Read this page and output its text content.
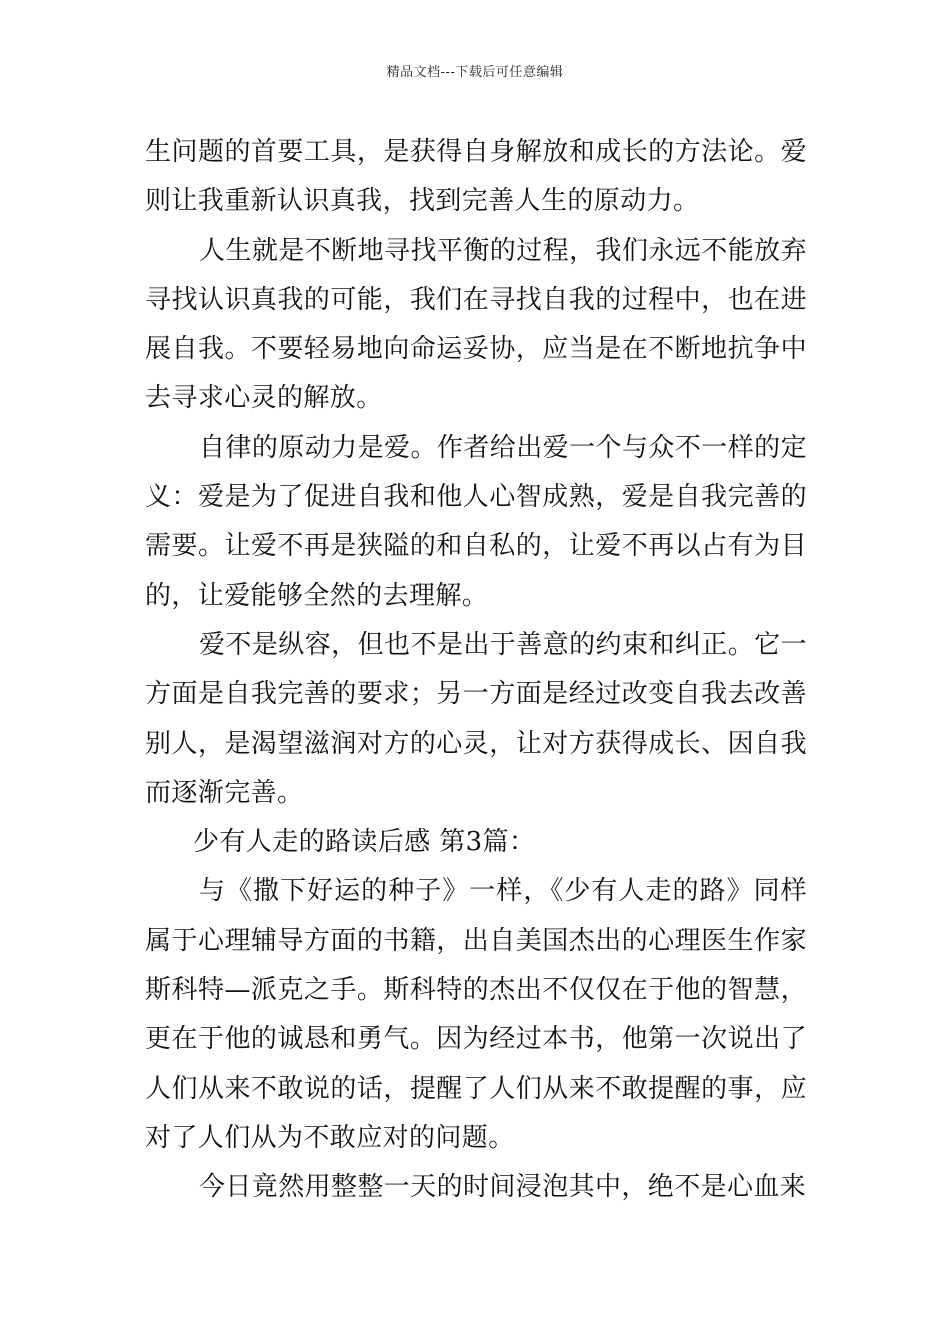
精品文档---下载后可任意编辑

生问题的首要工具，是获得自身解放和成长的方法论。爱则让我重新认识真我，找到完善人生的原动力。

人生就是不断地寻找平衡的过程，我们永远不能放弃寻找认识真我的可能，我们在寻找自我的过程中，也在进展自我。不要轻易地向命运妥协，应当是在不断地抗争中去寻求心灵的解放。

自律的原动力是爱。作者给出爱一个与众不一样的定义：爱是为了促进自我和他人心智成熟，爱是自我完善的需要。让爱不再是狭隘的和自私的，让爱不再以占有为目的，让爱能够全然的去理解。

爱不是纵容，但也不是出于善意的约束和纠正。它一方面是自我完善的要求；另一方面是经过改变自我去改善别人，是渴望滋润对方的心灵，让对方获得成长、因自我而逐渐完善。

少有人走的路读后感 第3篇：

与《撒下好运的种子》一样，《少有人走的路》同样属于心理辅导方面的书籍，出自美国杰出的心理医生作家斯科特—派克之手。斯科特的杰出不仅仅在于他的智慧，更在于他的诚恳和勇气。因为经过本书，他第一次说出了人们从来不敢说的话，提醒了人们从来不敢提醒的事，应对了人们从为不敢应对的问题。

今日竟然用整整一天的时间浸泡其中，绝不是心血来
